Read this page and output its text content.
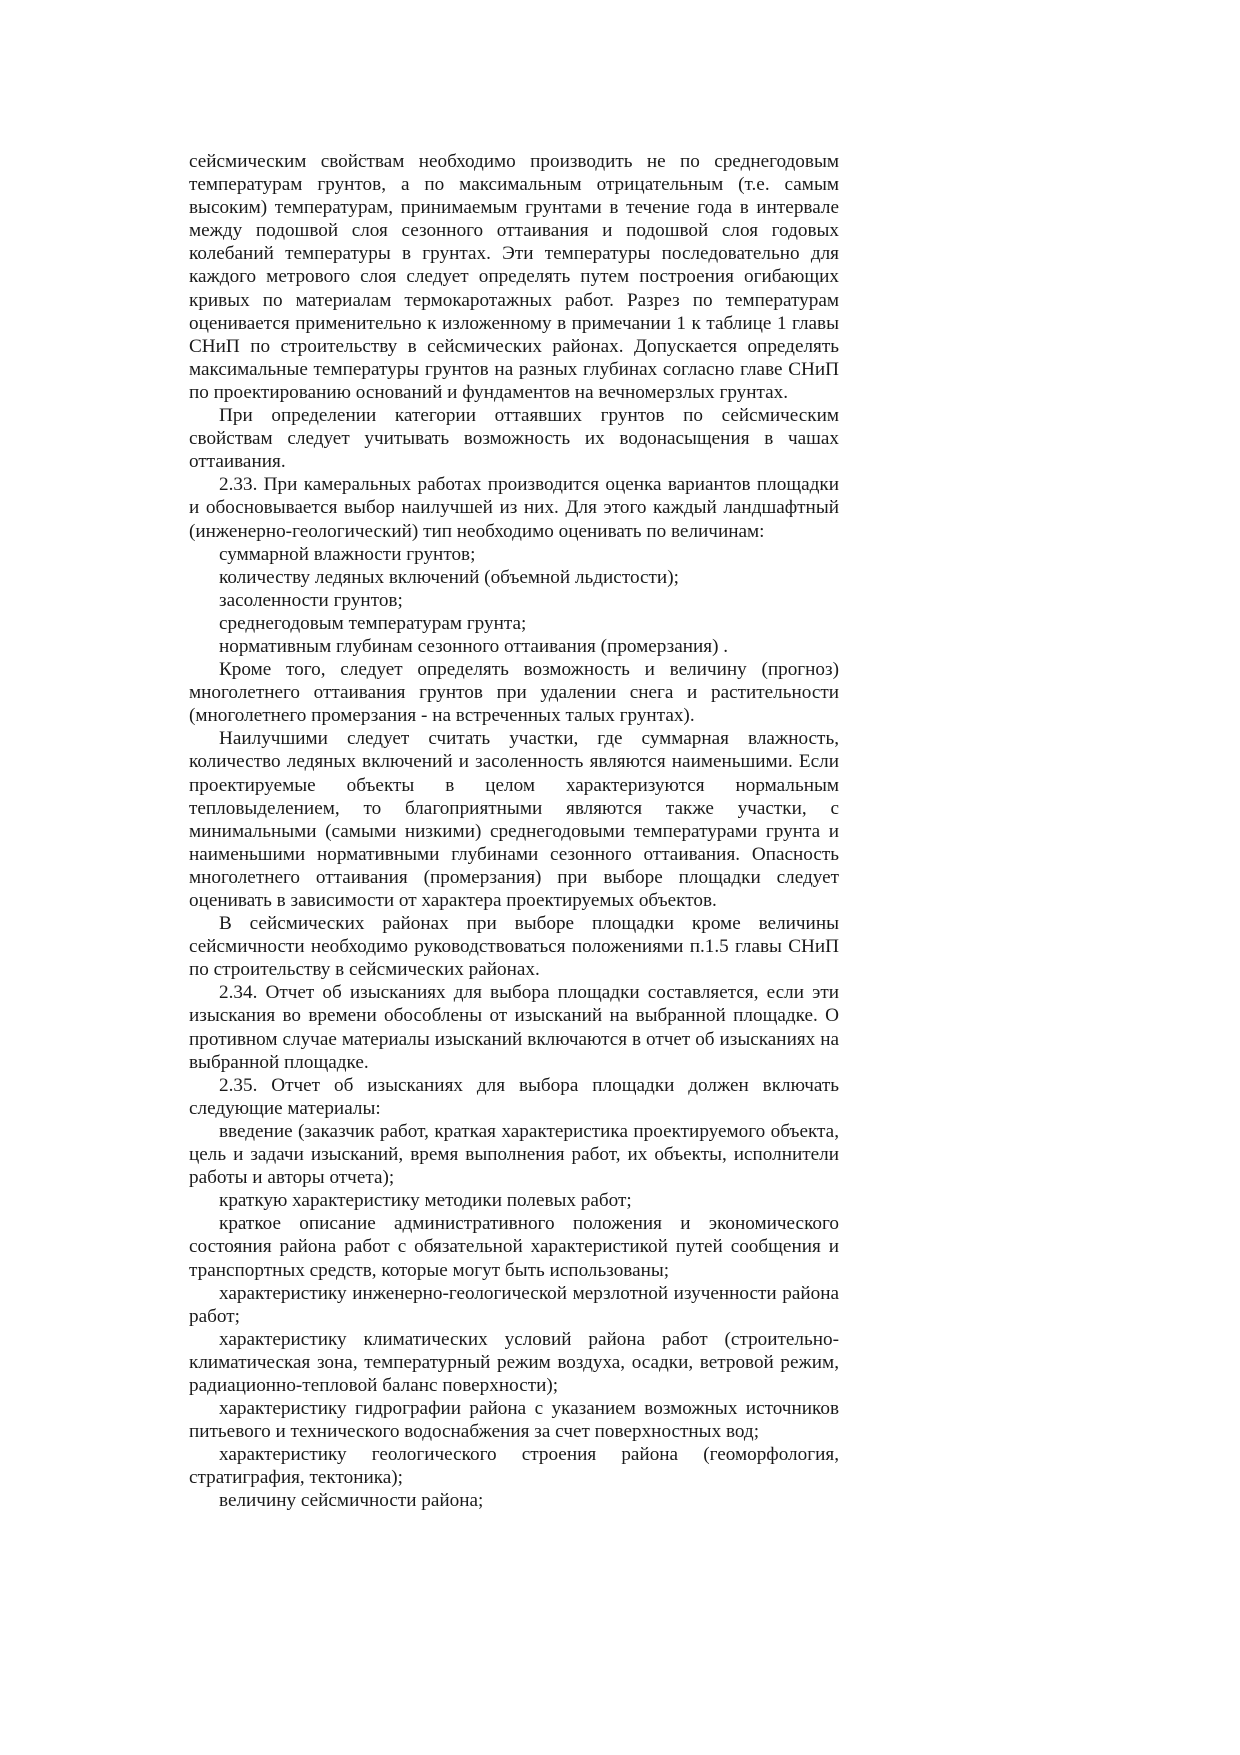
сейсмическим свойствам необходимо производить не по среднегодовым температурам грунтов, а по максимальным отрицательным (т.е. самым высоким) температурам, принимаемым грунтами в течение года в интервале между подошвой слоя сезонного оттаивания и подошвой слоя годовых колебаний температуры в грунтах. Эти температуры последовательно для каждого метрового слоя следует определять путем построения огибающих кривых по материалам термокаротажных работ. Разрез по температурам оценивается применительно к изложенному в примечании 1 к таблице 1 главы СНиП по строительству в сейсмических районах. Допускается определять максимальные температуры грунтов на разных глубинах согласно главе СНиП по проектированию оснований и фундаментов на вечномерзлых грунтах.

При определении категории оттаявших грунтов по сейсмическим свойствам следует учитывать возможность их водонасыщения в чашах оттаивания.

2.33. При камеральных работах производится оценка вариантов площадки и обосновывается выбор наилучшей из них. Для этого каждый ландшафтный (инженерно-геологический) тип необходимо оценивать по величинам:

суммарной влажности грунтов;

количеству ледяных включений (объемной льдистости);

засоленности грунтов;

среднегодовым температурам грунта;

нормативным глубинам сезонного оттаивания (промерзания) .

Кроме того, следует определять возможность и величину (прогноз) многолетнего оттаивания грунтов при удалении снега и растительности (многолетнего промерзания - на встреченных талых грунтах).

Наилучшими следует считать участки, где суммарная влажность, количество ледяных включений и засоленность являются наименьшими. Если проектируемые объекты в целом характеризуются нормальным тепловыделением, то благоприятными являются также участки, с минимальными (самыми низкими) среднегодовыми температурами грунта и наименьшими нормативными глубинами сезонного оттаивания. Опасность многолетнего оттаивания (промерзания) при выборе площадки следует оценивать в зависимости от характера проектируемых объектов.

В сейсмических районах при выборе площадки кроме величины сейсмичности необходимо руководствоваться положениями п.1.5 главы СНиП по строительству в сейсмических районах.

2.34. Отчет об изысканиях для выбора площадки составляется, если эти изыскания во времени обособлены от изысканий на выбранной площадке. О противном случае материалы изысканий включаются в отчет об изысканиях на выбранной площадке.

2.35. Отчет об изысканиях для выбора площадки должен включать следующие материалы:

введение (заказчик работ, краткая характеристика проектируемого объекта, цель и задачи изысканий, время выполнения работ, их объекты, исполнители работы и авторы отчета);

краткую характеристику методики полевых работ;

краткое описание административного положения и экономического состояния района работ с обязательной характеристикой путей сообщения и транспортных средств, которые могут быть использованы;

характеристику инженерно-геологической мерзлотной изученности района работ;

характеристику климатических условий района работ (строительно-климатическая зона, температурный режим воздуха, осадки, ветровой режим, радиационно-тепловой баланс поверхности);

характеристику гидрографии района с указанием возможных источников питьевого и технического водоснабжения за счет поверхностных вод;

характеристику геологического строения района (геоморфология, стратиграфия, тектоника);

величину сейсмичности района;
